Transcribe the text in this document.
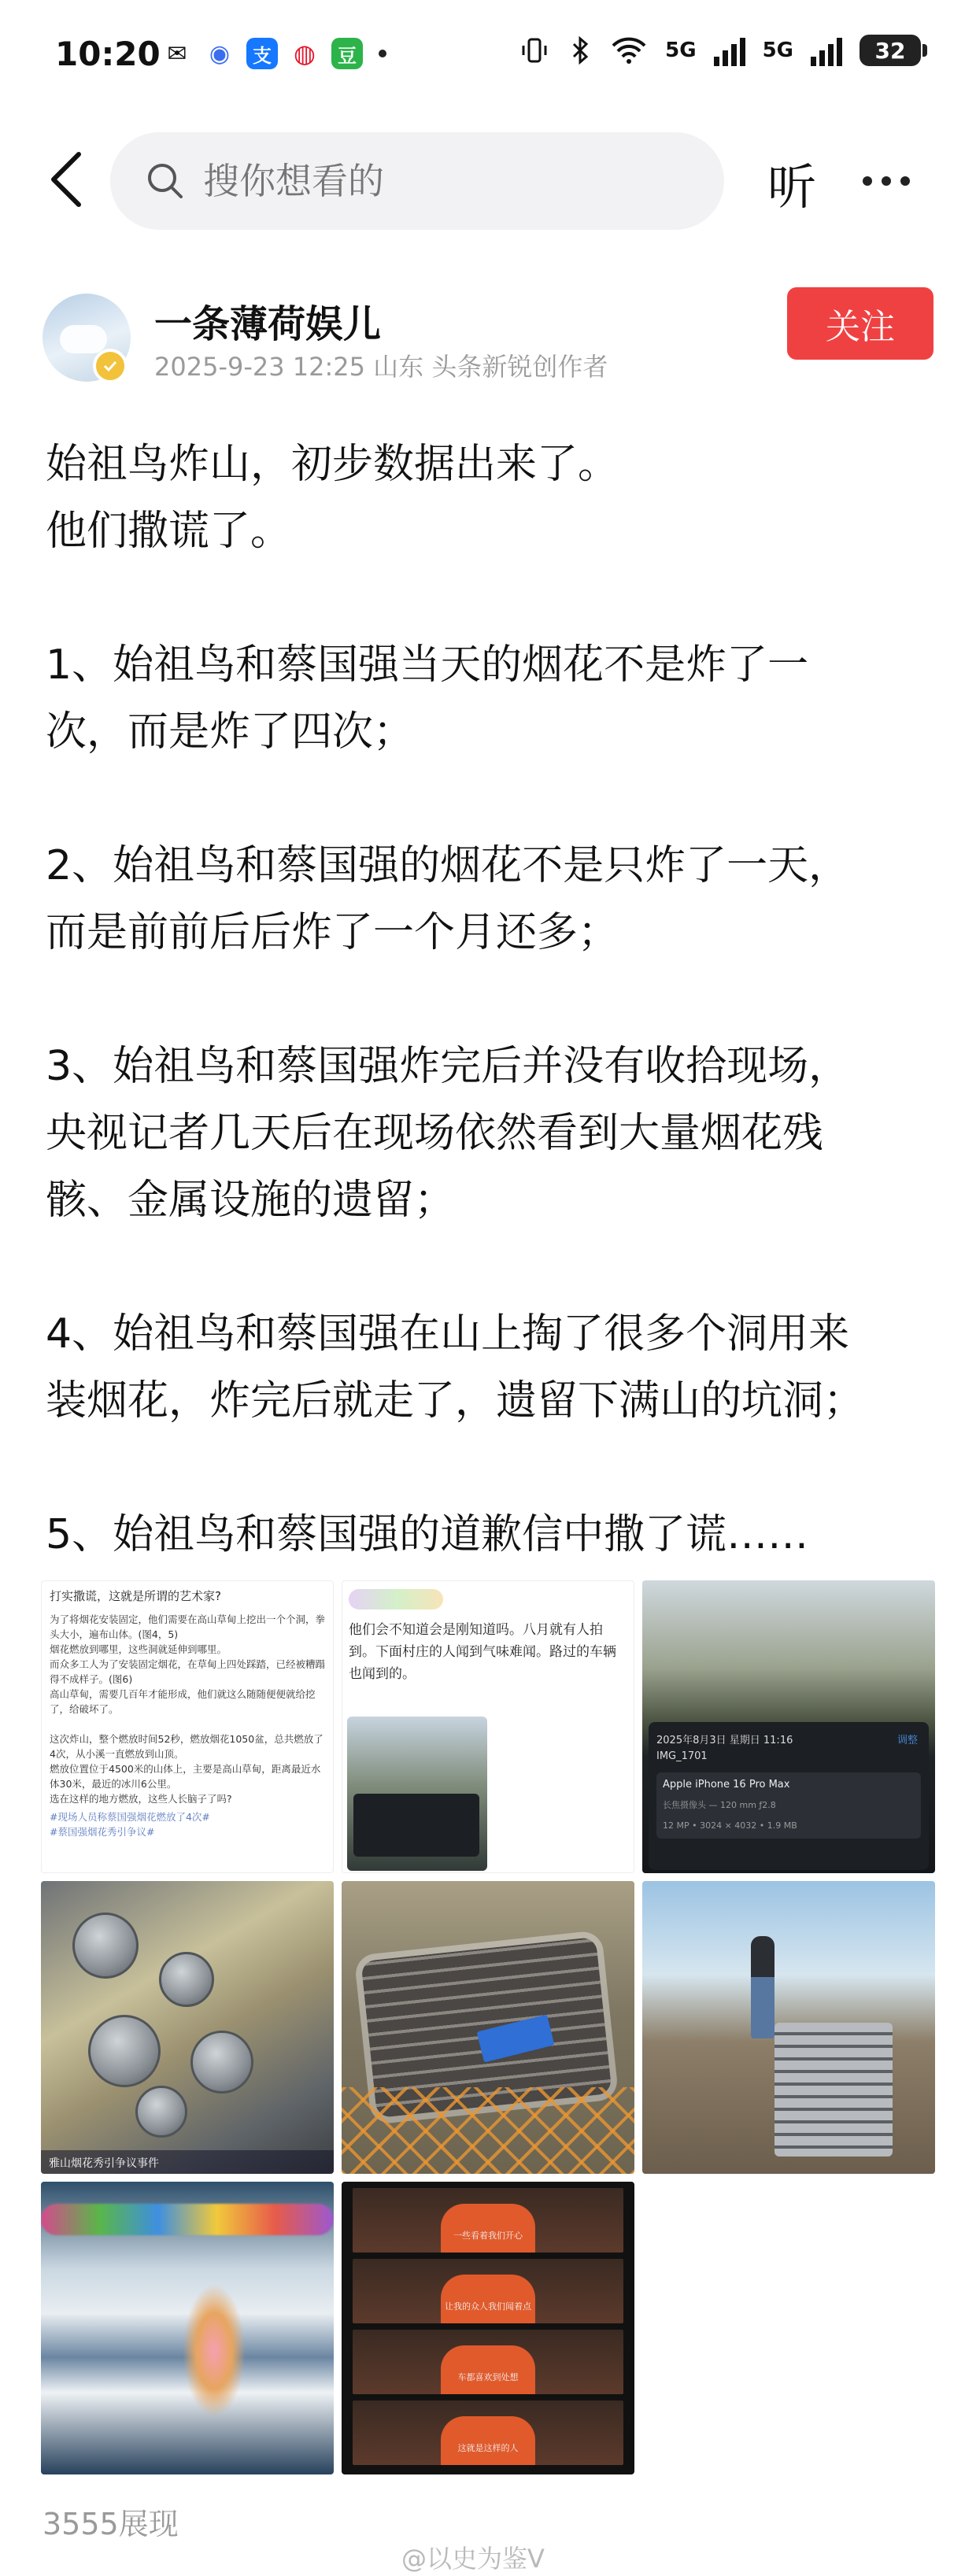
10:20 ✉ ◉	支 ◍	豆	5G	5G	32
搜你想看的
听
一条薄荷娱儿
2025-9-23 12:25 山东 头条新锐创作者
关注

始祖鸟炸山，初步数据出来了。
他们撒谎了。

1、始祖鸟和蔡国强当天的烟花不是炸了一
次，而是炸了四次；

2、始祖鸟和蔡国强的烟花不是只炸了一天，
而是前前后后炸了一个月还多；

3、始祖鸟和蔡国强炸完后并没有收拾现场，
央视记者几天后在现场依然看到大量烟花残
骸、金属设施的遗留；

4、始祖鸟和蔡国强在山上掏了很多个洞用来
装烟花，炸完后就走了，遗留下满山的坑洞；

5、始祖鸟和蔡国强的道歉信中撒了谎……

打实撒谎，这就是所谓的艺术家?
为了将烟花安装固定，他们需要在高山草甸上挖出一个个洞，拳头大小，遍布山体。(图4，5)
烟花燃放到哪里，这些洞就延伸到哪里。
而众多工人为了安装固定烟花，在草甸上四处踩踏，已经被糟蹋得不成样子。(图6)
高山草甸，需要几百年才能形成，他们就这么随随便便就给挖了，给破坏了。

这次炸山，整个燃放时间52秒，燃放烟花1050盆，总共燃放了4次，从小溪一直燃放到山顶。
燃放位置位于4500米的山体上，主要是高山草甸，距离最近水体30米，最近的冰川6公里。
选在这样的地方燃放，这些人长脑子了吗?
#现场人员称蔡国强烟花燃放了4次#
#蔡国强烟花秀引争议#
他们会不知道会是刚知道吗。八月就有人拍到。下面村庄的人闻到气味难闻。路过的车辆也闻到的。
2025年8月3日 星期日 11:16
IMG_1701
调整
Apple iPhone 16 Pro Max
长焦摄像头 — 120 mm ƒ2.8
12 MP • 3024 × 4032 • 1.9 MB
雅山烟花秀引争议事件
一些看着我们开心
让我的众人我们闻着点
车都喜欢到处想
这就是这样的人
3555展现
@以史为鉴V
